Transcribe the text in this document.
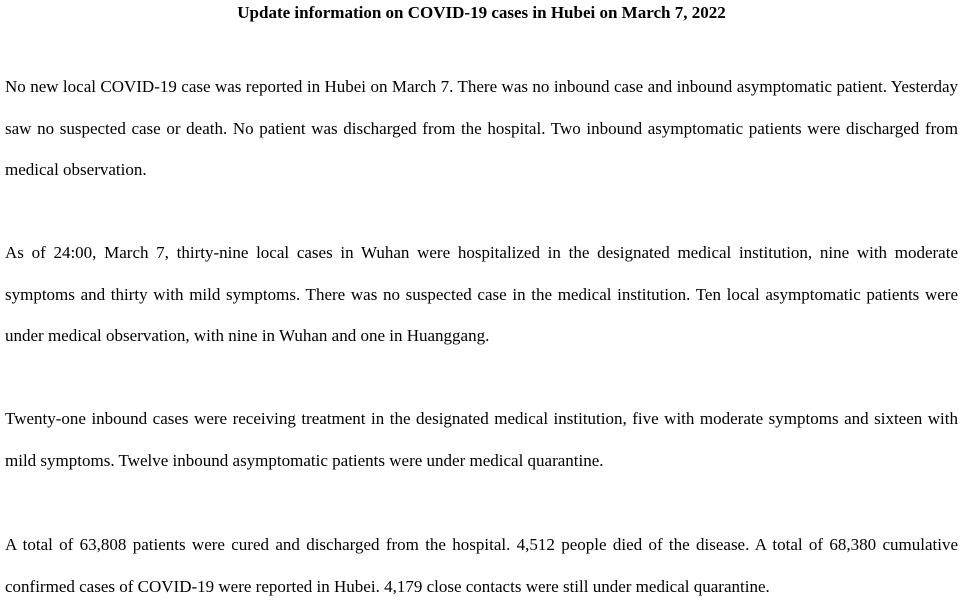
Update information on COVID-19 cases in Hubei on March 7, 2022

No new local COVID-19 case was reported in Hubei on March 7. There was no inbound case and inbound asymptomatic patient. Yesterday saw no suspected case or death. No patient was discharged from the hospital. Two inbound asymptomatic patients were discharged from medical observation.

As of 24:00, March 7, thirty-nine local cases in Wuhan were hospitalized in the designated medical institution, nine with moderate symptoms and thirty with mild symptoms. There was no suspected case in the medical institution. Ten local asymptomatic patients were under medical observation, with nine in Wuhan and one in Huanggang.

Twenty-one inbound cases were receiving treatment in the designated medical institution, five with moderate symptoms and sixteen with mild symptoms. Twelve inbound asymptomatic patients were under medical quarantine.

A total of 63,808 patients were cured and discharged from the hospital. 4,512 people died of the disease. A total of 68,380 cumulative confirmed cases of COVID-19 were reported in Hubei. 4,179 close contacts were still under medical quarantine.
